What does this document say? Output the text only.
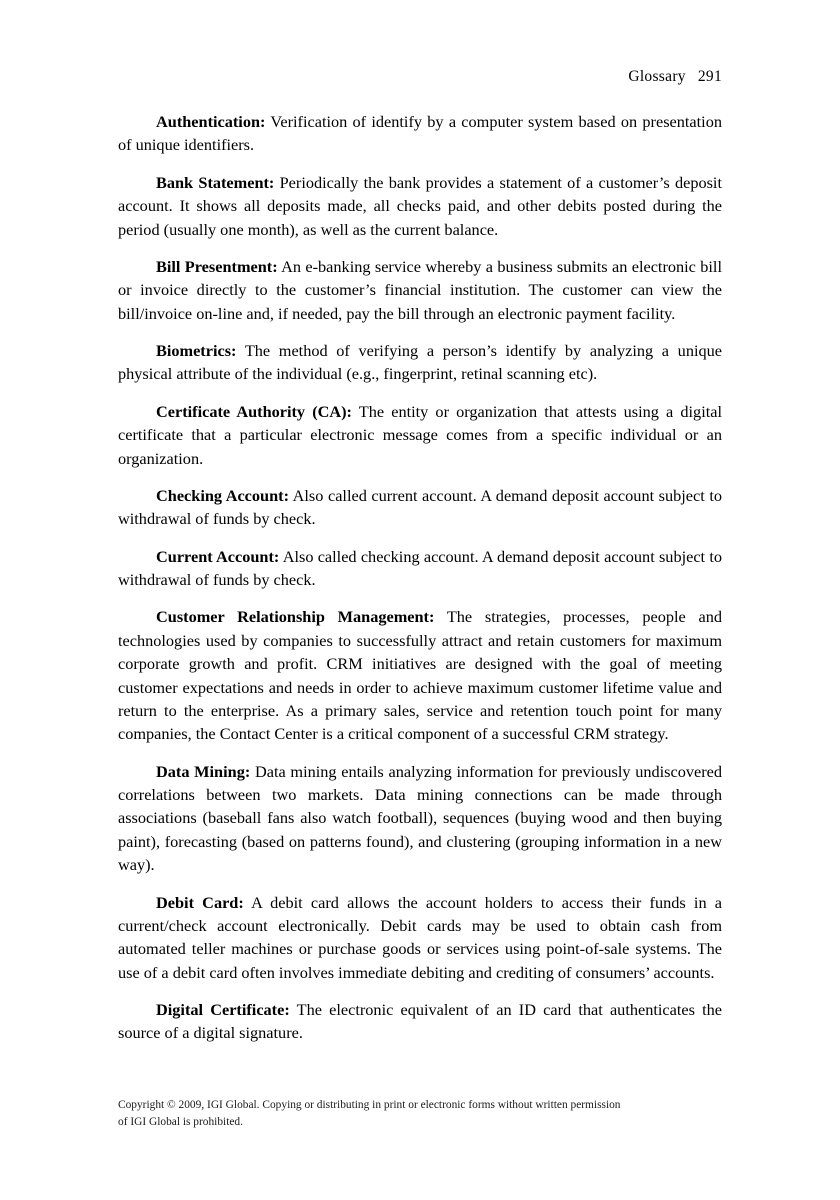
Glossary 291

Authentication: Verification of identify by a computer system based on presentation of unique identifiers.

Bank Statement: Periodically the bank provides a statement of a customer’s deposit account. It shows all deposits made, all checks paid, and other debits posted during the period (usually one month), as well as the current balance.

Bill Presentment: An e-banking service whereby a business submits an electronic bill or invoice directly to the customer’s financial institution. The customer can view the bill/invoice on-line and, if needed, pay the bill through an electronic payment facility.

Biometrics: The method of verifying a person’s identify by analyzing a unique physical attribute of the individual (e.g., fingerprint, retinal scanning etc).

Certificate Authority (CA): The entity or organization that attests using a digital certificate that a particular electronic message comes from a specific individual or an organization.

Checking Account: Also called current account. A demand deposit account subject to withdrawal of funds by check.

Current Account: Also called checking account. A demand deposit account subject to withdrawal of funds by check.

Customer Relationship Management: The strategies, processes, people and technologies used by companies to successfully attract and retain customers for maximum corporate growth and profit. CRM initiatives are designed with the goal of meeting customer expectations and needs in order to achieve maximum customer lifetime value and return to the enterprise. As a primary sales, service and retention touch point for many companies, the Contact Center is a critical component of a successful CRM strategy.

Data Mining: Data mining entails analyzing information for previously undiscovered correlations between two markets. Data mining connections can be made through associations (baseball fans also watch football), sequences (buying wood and then buying paint), forecasting (based on patterns found), and clustering (grouping information in a new way).

Debit Card: A debit card allows the account holders to access their funds in a current/check account electronically. Debit cards may be used to obtain cash from automated teller machines or purchase goods or services using point-of-sale systems. The use of a debit card often involves immediate debiting and crediting of consumers’ accounts.

Digital Certificate: The electronic equivalent of an ID card that authenticates the source of a digital signature.

Copyright © 2009, IGI Global. Copying or distributing in print or electronic forms without written permission
of IGI Global is prohibited.
